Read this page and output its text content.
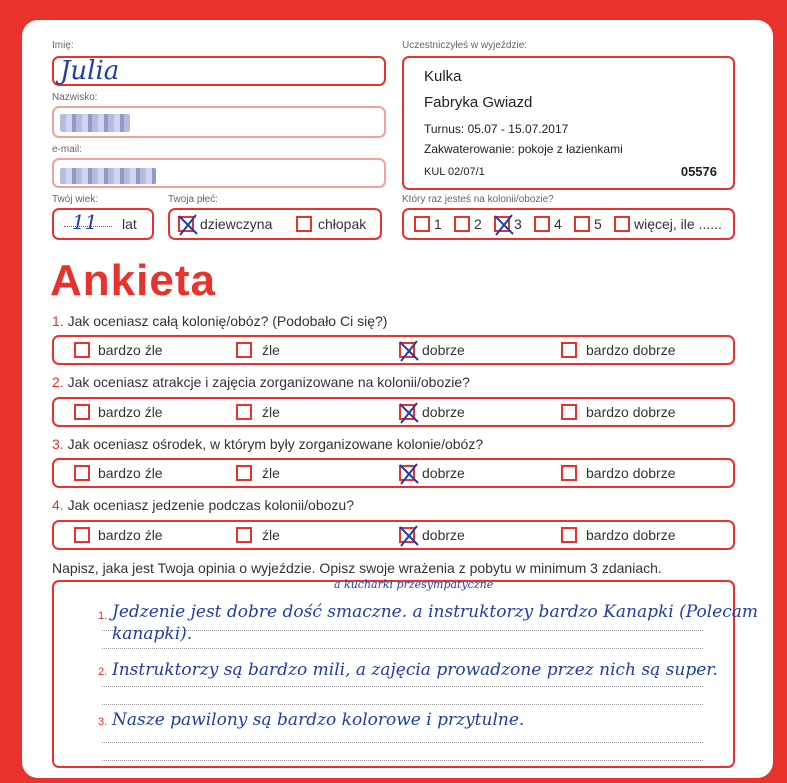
Imię:
Julia
Nazwisko:
e-mail:
Twój wiek:
11 lat
Twoja płeć:
dziewczyna	chłopak
Uczestniczyłeś w wyjeździe:
Kulka
Fabryka Gwiazd
Turnus: 05.07 - 15.07.2017
Zakwaterowanie: pokoje z łazienkami
KUL 02/07/1	05576
Który raz jesteś na kolonii/obozie?
1 2 3 4 5 więcej, ile ......
Ankieta
1. Jak oceniasz całą kolonię/obóz? (Podobało Ci się?)
bardzo źle	źle	dobrze	bardzo dobrze
2. Jak oceniasz atrakcje i zajęcia zorganizowane na kolonii/obozie?
bardzo źle	źle	dobrze	bardzo dobrze
3. Jak oceniasz ośrodek, w którym były zorganizowane kolonie/obóz?
bardzo źle	źle	dobrze	bardzo dobrze
4. Jak oceniasz jedzenie podczas kolonii/obozu?
bardzo źle	źle	dobrze	bardzo dobrze
Napisz, jaka jest Twoja opinia o wyjeździe. Opisz swoje wrażenia z pobytu w minimum 3 zdaniach.
1.
2.
3.
a kucharki przesympatyczne
Jedzenie jest dobre dość smaczne. a instruktorzy bardzo Kanapki (Polecam
kanapki).
Instruktorzy są bardzo mili, a zajęcia prowadzone przez nich są super.
Nasze pawilony są bardzo kolorowe i przytulne.
